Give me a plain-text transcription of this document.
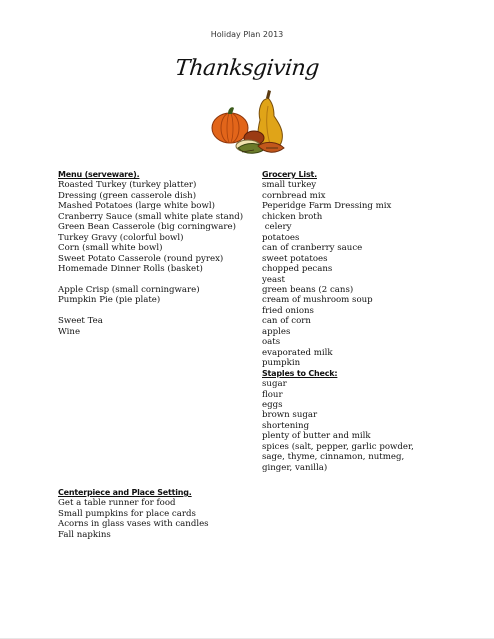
Holiday Plan 2013
Thanksgiving
Menu (serveware).
Roasted Turkey (turkey platter)
Dressing (green casserole dish)
Mashed Potatoes (large white bowl)
Cranberry Sauce (small white plate stand)
Green Bean Casserole (big corningware)
Turkey Gravy (colorful bowl)
Corn (small white bowl)
Sweet Potato Casserole (round pyrex)
Homemade Dinner Rolls (basket)
Apple Crisp (small corningware)
Pumpkin Pie (pie plate)
Sweet Tea
Wine
Grocery List.
small turkey
cornbread mix
Peperidge Farm Dressing mix
chicken broth
celery
potatoes
can of cranberry sauce
sweet potatoes
chopped pecans
yeast
green beans (2 cans)
cream of mushroom soup
fried onions
can of corn
apples
oats
evaporated milk
pumpkin
Staples to Check:
sugar
flour
eggs
brown sugar
shortening
plenty of butter and milk
spices (salt, pepper, garlic powder,
sage, thyme, cinnamon, nutmeg,
ginger, vanilla)
Centerpiece and Place Setting.
Get a table runner for food
Small pumpkins for place cards
Acorns in glass vases with candles
Fall napkins
